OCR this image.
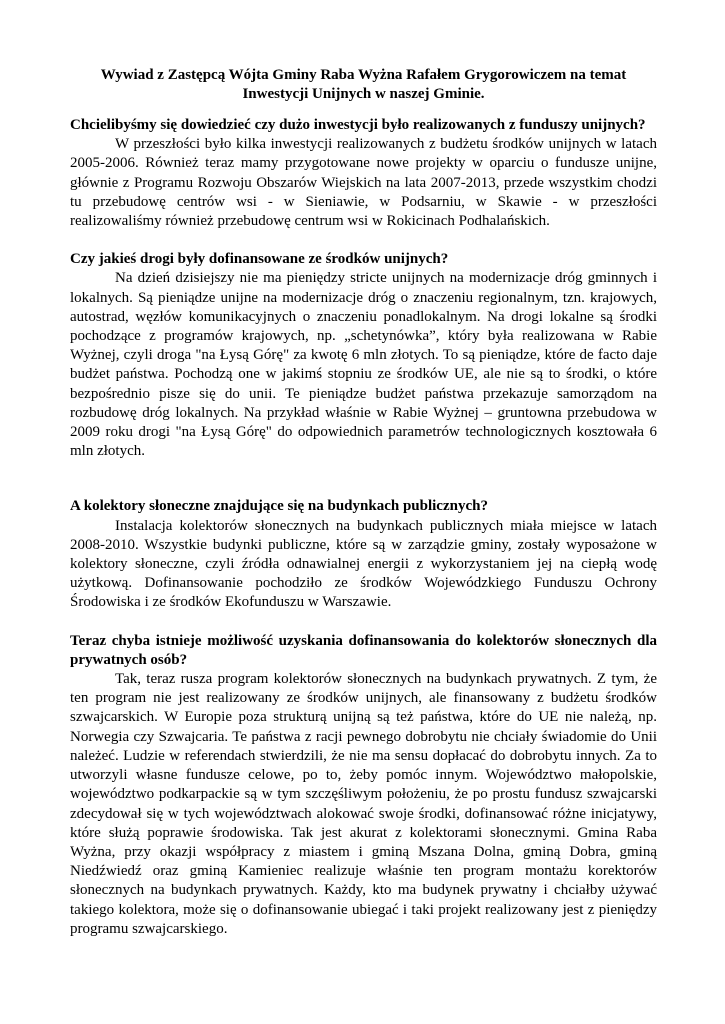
Wywiad z Zastępcą Wójta Gminy Raba Wyżna Rafałem Grygorowiczem na temat
Inwestycji Unijnych w naszej Gminie.

Chcielibyśmy się dowiedzieć czy dużo inwestycji było realizowanych z funduszy unijnych?

W przeszłości było kilka inwestycji realizowanych z budżetu środków unijnych w latach 2005-2006. Również teraz mamy przygotowane nowe projekty w oparciu o fundusze unijne, głównie z Programu Rozwoju Obszarów Wiejskich na lata 2007-2013, przede wszystkim chodzi tu przebudowę centrów wsi - w Sieniawie, w Podsarniu, w Skawie - w przeszłości realizowaliśmy również przebudowę centrum wsi w Rokicinach Podhalańskich.

Czy jakieś drogi były dofinansowane ze środków unijnych?

Na dzień dzisiejszy nie ma pieniędzy stricte unijnych na modernizacje dróg gminnych i lokalnych. Są pieniądze unijne na modernizacje dróg o znaczeniu regionalnym, tzn. krajowych, autostrad, węzłów komunikacyjnych o znaczeniu ponadlokalnym. Na drogi lokalne są środki pochodzące z programów krajowych, np. „schetynówka”, który była realizowana w Rabie Wyżnej, czyli droga "na Łysą Górę" za kwotę 6 mln złotych. To są pieniądze, które de facto daje budżet państwa. Pochodzą one w jakimś stopniu ze środków UE, ale nie są to środki, o które bezpośrednio pisze się do unii. Te pieniądze budżet państwa przekazuje samorządom na rozbudowę dróg lokalnych. Na przykład właśnie w Rabie Wyżnej – gruntowna przebudowa w 2009 roku drogi "na Łysą Górę" do odpowiednich parametrów technologicznych kosztowała 6 mln złotych.

A kolektory słoneczne znajdujące się na budynkach publicznych?

Instalacja kolektorów słonecznych na budynkach publicznych miała miejsce w latach 2008-2010. Wszystkie budynki publiczne, które są w zarządzie gminy, zostały wyposażone w kolektory słoneczne, czyli źródła odnawialnej energii z wykorzystaniem jej na ciepłą wodę użytkową. Dofinansowanie pochodziło ze środków Wojewódzkiego Funduszu Ochrony Środowiska i ze środków Ekofunduszu w Warszawie.

Teraz chyba istnieje możliwość uzyskania dofinansowania do kolektorów słonecznych dla prywatnych osób?

Tak, teraz rusza program kolektorów słonecznych na budynkach prywatnych. Z tym, że ten program nie jest realizowany ze środków unijnych, ale finansowany z budżetu środków szwajcarskich. W Europie poza strukturą unijną są też państwa, które do UE nie należą, np. Norwegia czy Szwajcaria. Te państwa z racji pewnego dobrobytu nie chciały świadomie do Unii należeć. Ludzie w referendach stwierdzili, że nie ma sensu dopłacać do dobrobytu innych. Za to utworzyli własne fundusze celowe, po to, żeby pomóc innym. Województwo małopolskie, województwo podkarpackie są w tym szczęśliwym położeniu, że po prostu fundusz szwajcarski zdecydował się w tych województwach alokować swoje środki, dofinansować różne inicjatywy, które służą poprawie środowiska. Tak jest akurat z kolektorami słonecznymi. Gmina Raba Wyżna, przy okazji współpracy z miastem i gminą Mszana Dolna, gminą Dobra, gminą Niedźwiedź oraz gminą Kamieniec realizuje właśnie ten program montażu korektorów słonecznych na budynkach prywatnych. Każdy, kto ma budynek prywatny i chciałby używać takiego kolektora, może się o dofinansowanie ubiegać i taki projekt realizowany jest z pieniędzy programu szwajcarskiego.
